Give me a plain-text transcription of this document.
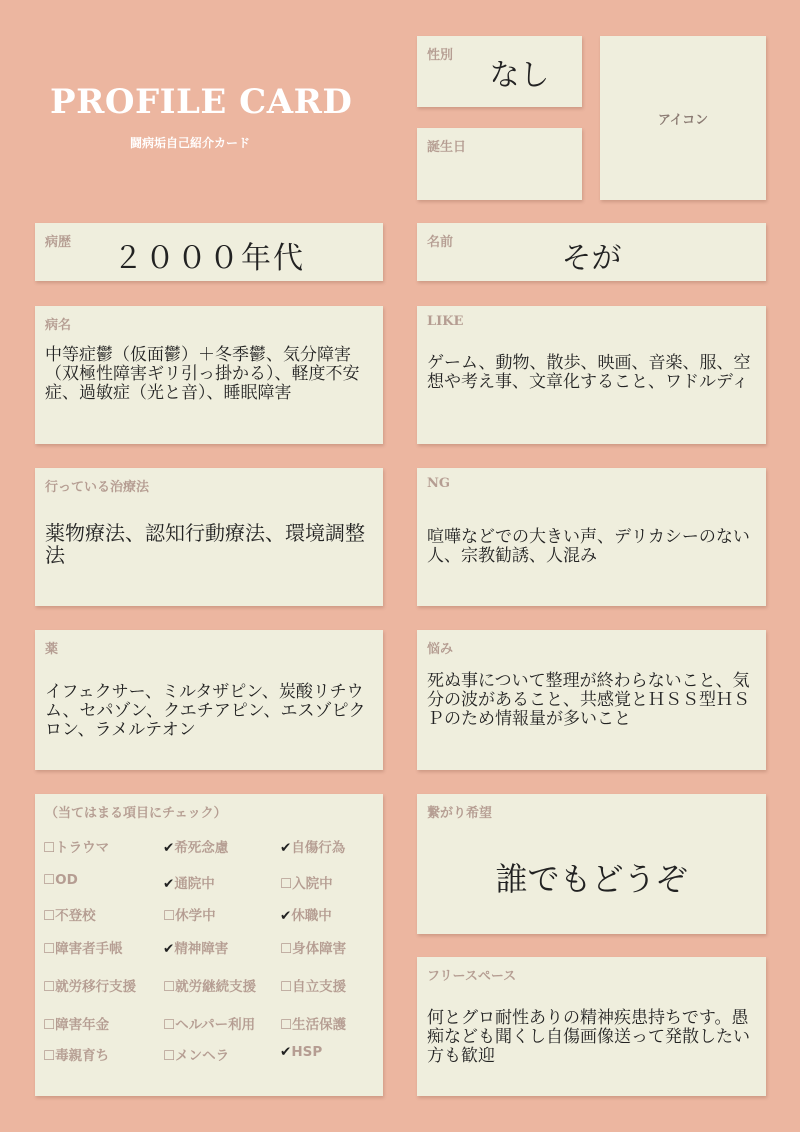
PROFILE CARD
闘病垢自己紹介カード
性別
なし
誕生日
アイコン
病歴	２０００年代	名前	そが
病名
中等症鬱（仮面鬱）＋冬季鬱、気分障害（双極性障害ギリ引っ掛かる）、軽度不安症、過敏症（光と音）、睡眠障害
LIKE
ゲーム、動物、散歩、映画、音楽、服、空想や考え事、文章化すること、ワドルディ
行っている治療法
薬物療法、認知行動療法、環境調整法
NG
喧嘩などでの大きい声、デリカシーのない人、宗教勧誘、人混み
薬
イフェクサー、ミルタザピン、炭酸リチウム、セパゾン、クエチアピン、エスゾピクロン、ラメルテオン
悩み
死ぬ事について整理が終わらないこと、気分の波があること、共感覚とＨＳＳ型ＨＳＰのため情報量が多いこと
（当てはまる項目にチェック）
☐トラウマ	✔希死念慮	✔自傷行為
☐OD	✔通院中	☐入院中
☐不登校	☐休学中	✔休職中
☐障害者手帳	✔精神障害	☐身体障害
☐就労移行支援 ☐就労継続支援 ☐自立支援
☐障害年金	☐ヘルパー利用 ☐生活保護
☐毒親育ち	☐メンヘラ	✔HSP
繋がり希望
誰でもどうぞ
フリースペース
何とグロ耐性ありの精神疾患持ちです。愚痴なども聞くし自傷画像送って発散したい方も歓迎
